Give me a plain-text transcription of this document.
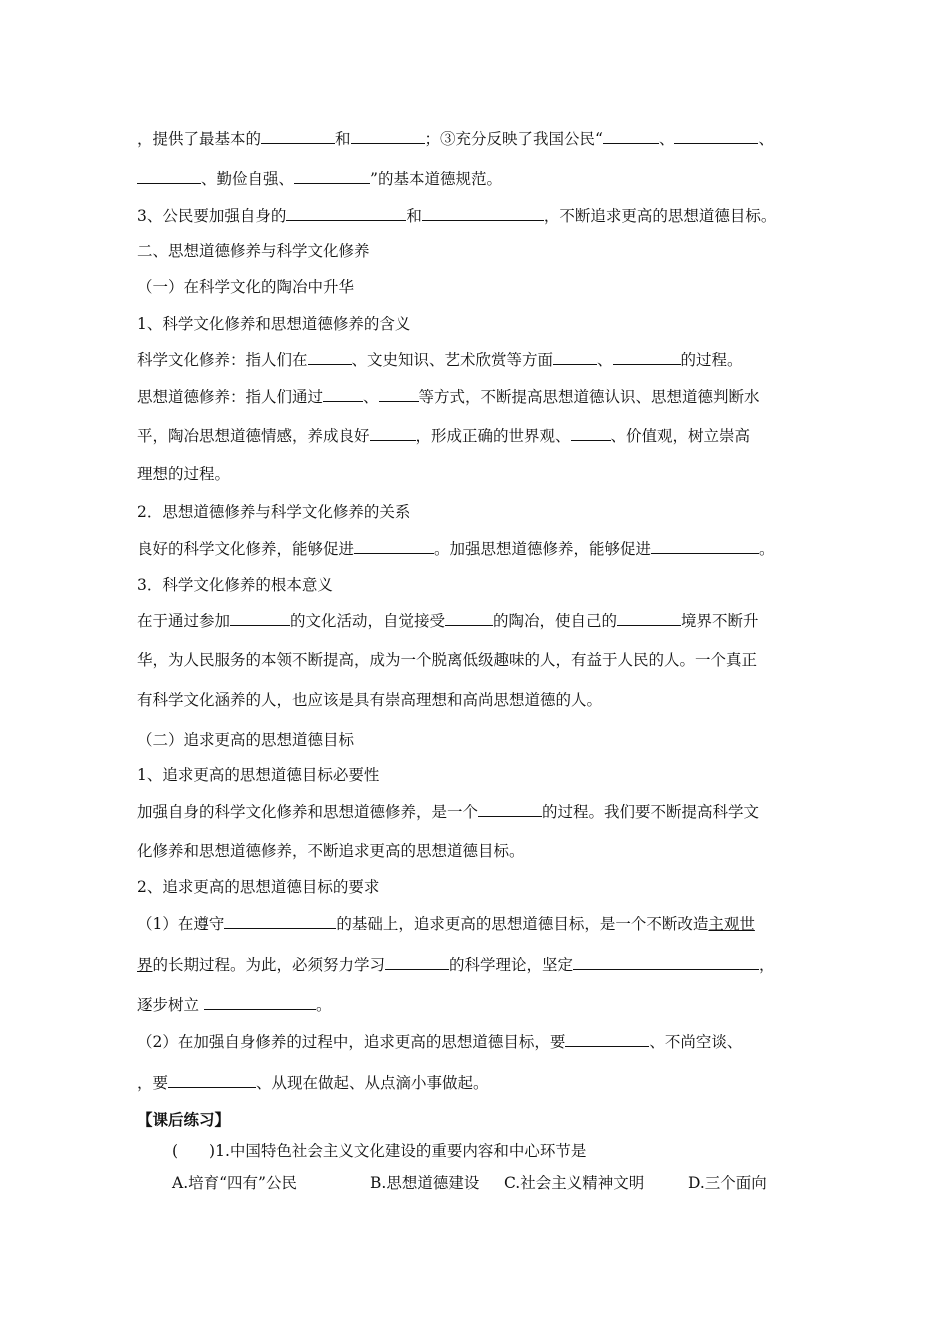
，提供了最基本的	和	；③充分反映了我国公民“	、	、
、勤俭自强、	”的基本道德规范。
3、公民要加强自身的	和	，不断追求更高的思想道德目标。
二、思想道德修养与科学文化修养
（一）在科学文化的陶冶中升华
1、科学文化修养和思想道德修养的含义
科学文化修养：指人们在	、文史知识、艺术欣赏等方面	、	的过程。
思想道德修养：指人们通过	、	等方式，不断提高思想道德认识、思想道德判断水
平，陶冶思想道德情感，养成良好	，形成正确的世界观、	、价值观，树立崇高
理想的过程。
2．思想道德修养与科学文化修养的关系
良好的科学文化修养，能够促进	。加强思想道德修养，能够促进	。
3．科学文化修养的根本意义
在于通过参加	的文化活动，自觉接受	的陶冶，使自己的	境界不断升
华，为人民服务的本领不断提高，成为一个脱离低级趣味的人，有益于人民的人。一个真正
有科学文化涵养的人，也应该是具有崇高理想和高尚思想道德的人。
（二）追求更高的思想道德目标
1、追求更高的思想道德目标必要性
加强自身的科学文化修养和思想道德修养，是一个	的过程。我们要不断提高科学文
化修养和思想道德修养，不断追求更高的思想道德目标。
2、追求更高的思想道德目标的要求
（1）在遵守	的基础上，追求更高的思想道德目标，是一个不断改造主观世
界的长期过程。为此，必须努力学习	的科学理论，坚定	，
逐步树立	。
（2）在加强自身修养的过程中，追求更高的思想道德目标，要	、不尚空谈、
，要	、从现在做起、从点滴小事做起。
【课后练习】
(　　)1.中国特色社会主义文化建设的重要内容和中心环节是
A.培育“四有”公民	B.思想道德建设 C.社会主义精神文明	D.三个面向
